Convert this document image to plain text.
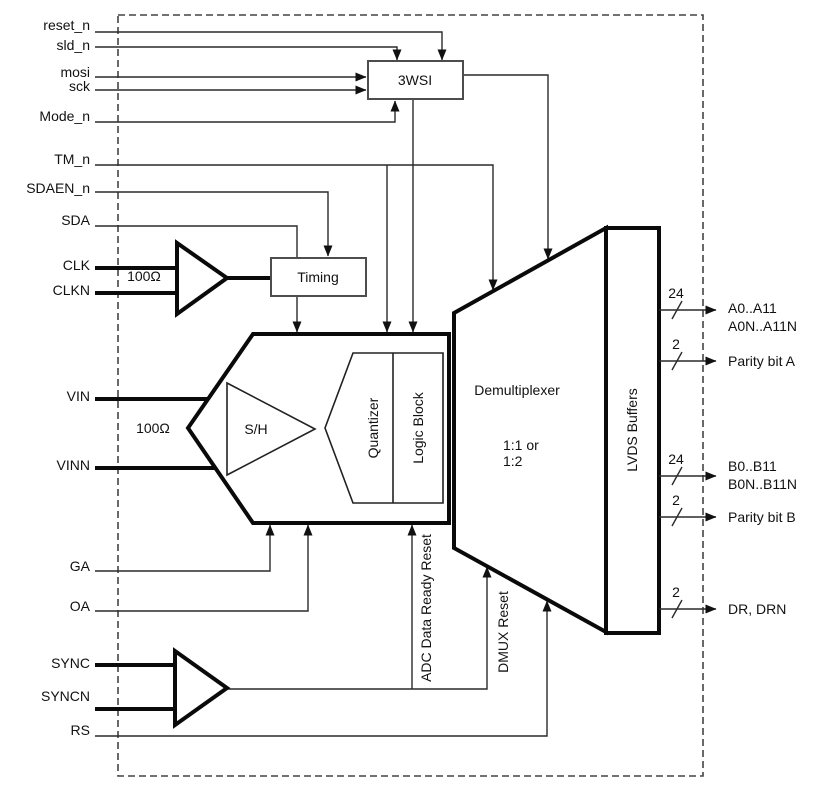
24
2
24
2
2
A0..A11
A0N..A11N
Parity bit A
B0..B11
B0N..B11N
Parity bit B
DR, DRN
reset_n
sld_n
mosi
sck
Mode_n
TM_n
SDAEN_n
SDA
CLK
CLKN
VIN
VINN
GA
OA
SYNC
SYNCN
RS
3WSI
Timing
S/H	Quantizer Logic Block
Demultiplexer
1:1 or
1:2	LVDS Buffers
100Ω
100Ω
ADC Data Ready Reset	DMUX Reset
